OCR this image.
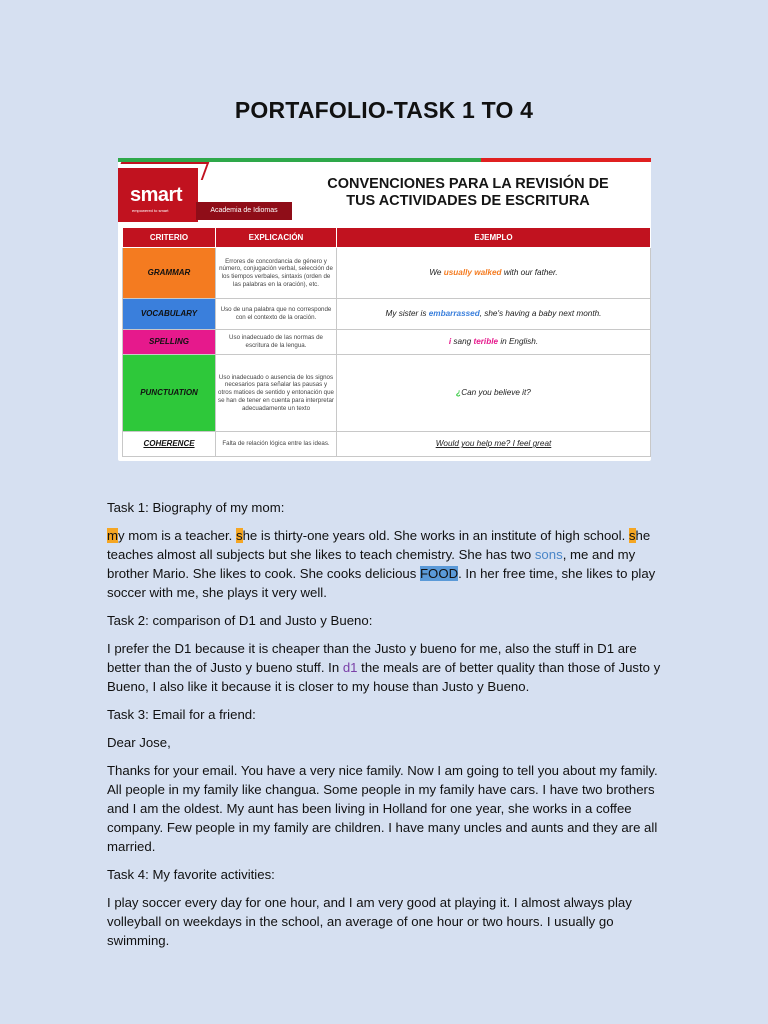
PORTAFOLIO-TASK 1 TO 4
smart
empowered to smart	Academia de Idiomas
CONVENCIONES PARA LA REVISIÓN DE
TUS ACTIVIDADES DE ESCRITURA
CRITERIO	EXPLICACIÓN	EJEMPLO
GRAMMAR	Errores de concordancia de género y número, conjugación verbal, selección de los tiempos verbales, sintaxis (orden de las palabras en la oración), etc.	We usually walked with our father.
VOCABULARY	Uso de una palabra que no corresponde con el contexto de la oración.	My sister is embarrassed, she's having a baby next month.
SPELLING	Uso inadecuado de las normas de escritura de la lengua.	i sang terible in English.
PUNCTUATION	Uso inadecuado o ausencia de los signos necesarios para señalar las pausas y otros matices de sentido y entonación que se han de tener en cuenta para interpretar adecuadamente un texto	¿Can you believe it?
COHERENCE	Falta de relación lógica entre las ideas.	Would you help me? I feel great

Task 1: Biography of my mom:

my mom is a teacher. she is thirty-one years old. She works in an institute of high school. she teaches almost all subjects but she likes to teach chemistry. She has two sons, me and my brother Mario. She likes to cook. She cooks delicious FOOD. In her free time, she likes to play soccer with me, she plays it very well.

Task 2: comparison of D1 and Justo y Bueno:

I prefer the D1 because it is cheaper than the Justo y bueno for me, also the stuff in D1 are better than the of Justo y bueno stuff. In d1 the meals are of better quality than those of Justo y Bueno, I also like it because it is closer to my house than Justo y Bueno.

Task 3: Email for a friend:

Dear Jose,

Thanks for your email. You have a very nice family. Now I am going to tell you about my family. All people in my family like changua. Some people in my family have cars. I have two brothers and I am the oldest. My aunt has been living in Holland for one year, she works in a coffee company. Few people in my family are children. I have many uncles and aunts and they are all married.

Task 4: My favorite activities:

I play soccer every day for one hour, and I am very good at playing it. I almost always play volleyball on weekdays in the school, an average of one hour or two hours. I usually go swimming.
